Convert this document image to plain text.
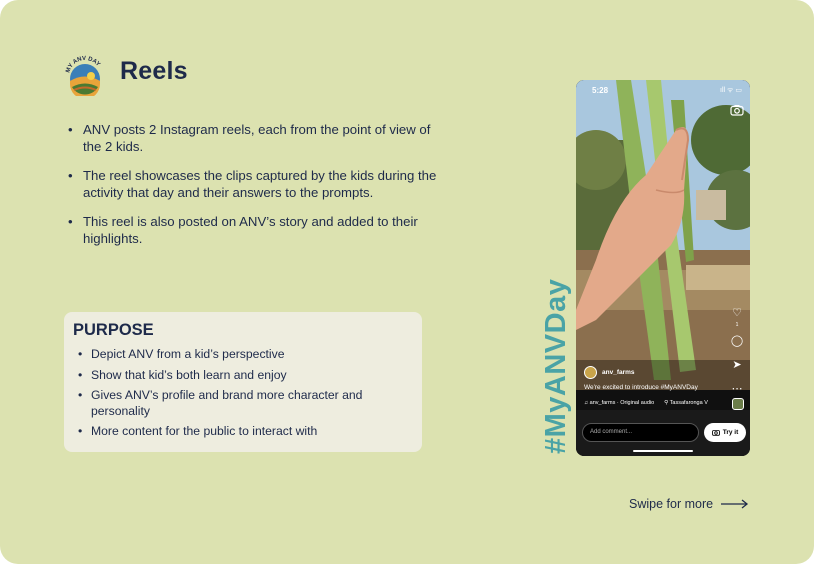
MY ANV DAY Reels
• ANV posts 2 Instagram reels, each from the point of view of the 2 kids.
• The reel showcases the clips captured by the kids during the activity that day and their answers to the prompts.
• This reel is also posted on ANV’s story and added to their highlights.
PURPOSE
• Depict ANV from a kid’s perspective
• Show that kid’s both learn and enjoy
• Gives ANV’s profile and brand more character and personality
• More content for the public to interact with	#MyANVDay
5:28	ıll ᯤ ▭
♡
1
◯
➤
⋯
anv_farms
We're excited to introduce #MyANVDay
♫ anv_farms · Original audio ⚲ Tassafaronga V
Add comment...	Try it
Swipe for more
